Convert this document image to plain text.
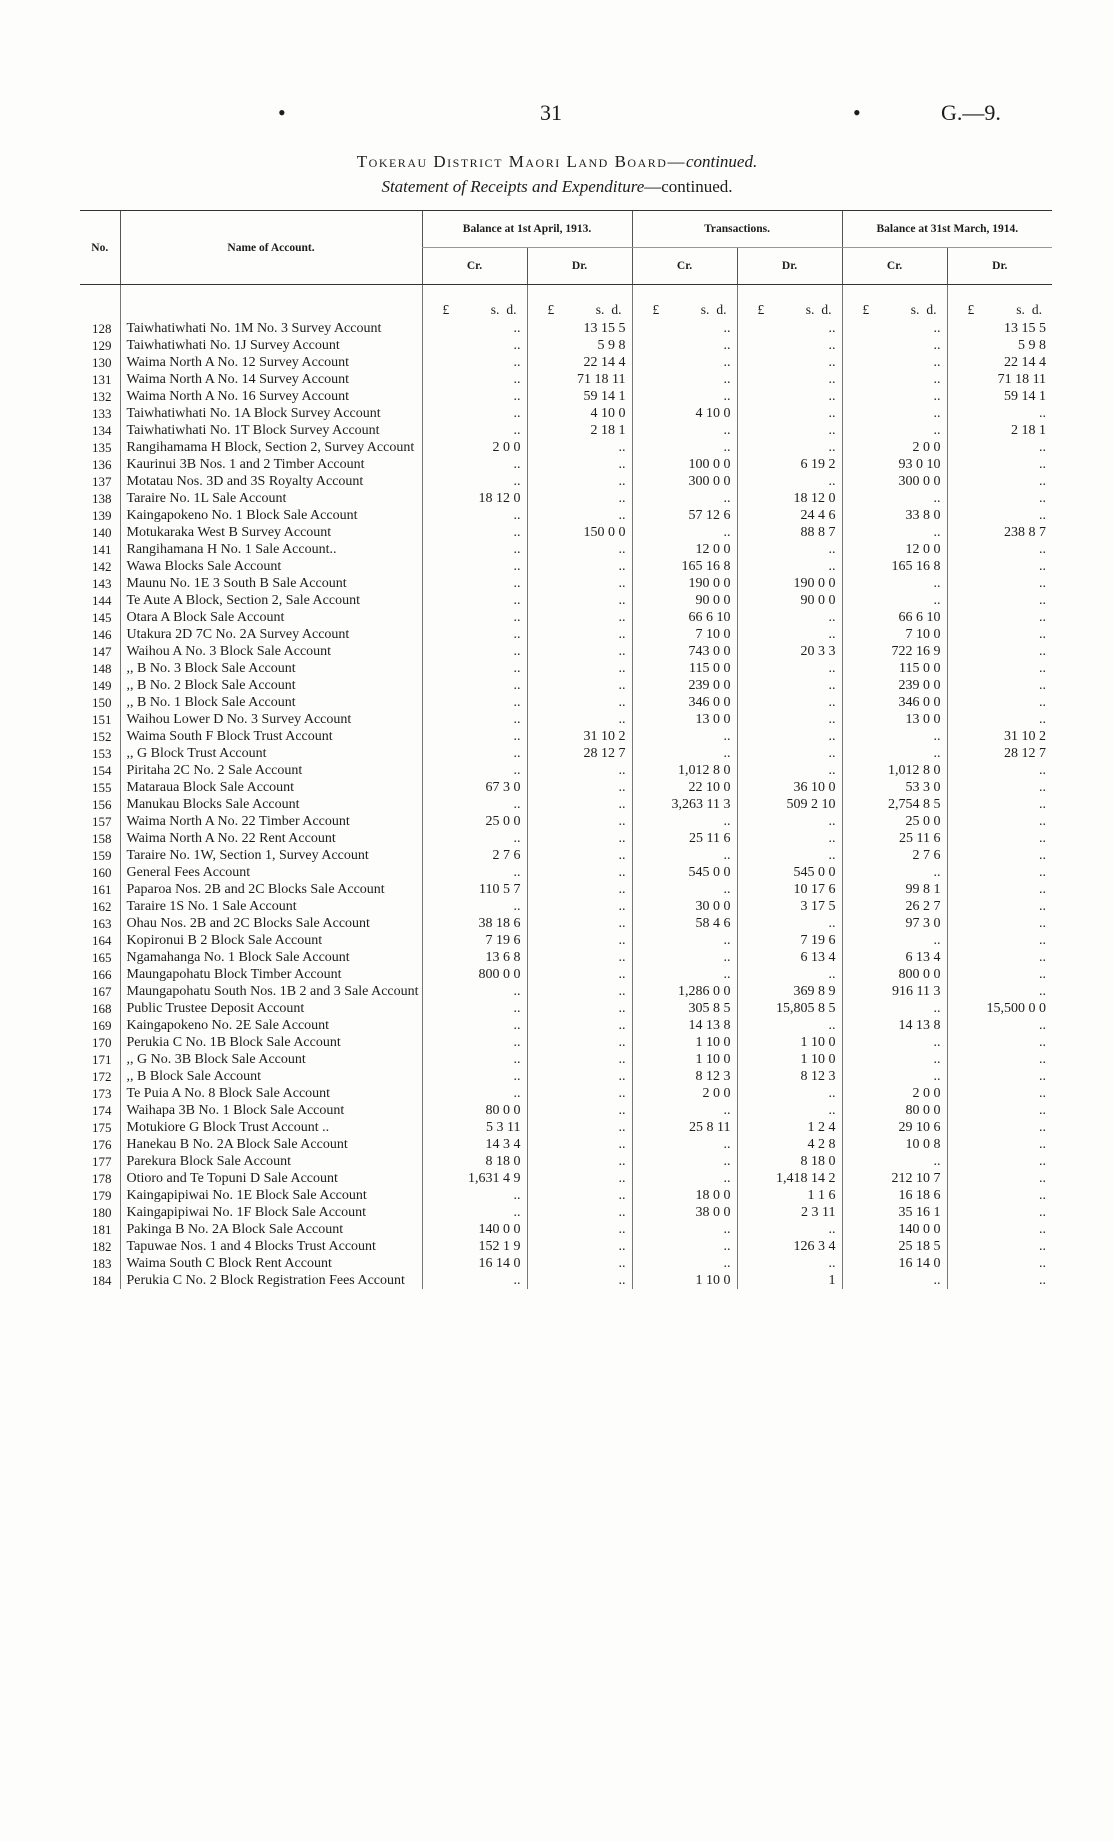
•	31	•	G.—9.
Tokerau District Maori Land Board—continued.
Statement of Receipts and Expenditure—continued.
No.	Name of Account.	Balance at 1st April, 1913.		Transactions.		Balance at 31st March, 1914.	
		Cr.	Dr.	Cr.	Dr.	Cr.	Dr.

		£ s. d.	£ s. d.	£ s. d.	£ s. d.	£ s. d.	£ s. d.

128	Taiwhatiwhati No. 1M No. 3 Survey Account	..	13 15 5	..	..	..	13 15 5
129	Taiwhatiwhati No. 1J Survey Account	..	5 9 8	..	..	..	5 9 8
130	Waima North A No. 12 Survey Account	..	22 14 4	..	..	..	22 14 4
131	Waima North A No. 14 Survey Account	..	71 18 11	..	..	..	71 18 11
132	Waima North A No. 16 Survey Account	..	59 14 1	..	..	..	59 14 1
133	Taiwhatiwhati No. 1A Block Survey Account	..	4 10 0	4 10 0	..	..	..
134	Taiwhatiwhati No. 1T Block Survey Account	..	2 18 1	..	..	..	2 18 1
135	Rangihamama H Block, Section 2, Survey Account	2 0 0	..	..	..	2 0 0	..
136	Kaurinui 3B Nos. 1 and 2 Timber Account	..	..	100 0 0	6 19 2	93 0 10	..
137	Motatau Nos. 3D and 3S Royalty Account	..	..	300 0 0	..	300 0 0	..
138	Taraire No. 1L Sale Account	18 12 0	..	..	18 12 0	..	..
139	Kaingapokeno No. 1 Block Sale Account	..	..	57 12 6	24 4 6	33 8 0	..
140	Motukaraka West B Survey Account	..	150 0 0	..	88 8 7	..	238 8 7
141	Rangihamana H No. 1 Sale Account..	..	..	12 0 0	..	12 0 0	..
142	Wawa Blocks Sale Account	..	..	165 16 8	..	165 16 8	..
143	Maunu No. 1E 3 South B Sale Account	..	..	190 0 0	190 0 0	..	..
144	Te Aute A Block, Section 2, Sale Account	..	..	90 0 0	90 0 0	..	..
145	Otara A Block Sale Account	..	..	66 6 10	..	66 6 10	..
146	Utakura 2D 7C No. 2A Survey Account	..	..	7 10 0	..	7 10 0	..
147	Waihou A No. 3 Block Sale Account	..	..	743 0 0	20 3 3	722 16 9	..
148	,, B No. 3 Block Sale Account	..	..	115 0 0	..	115 0 0	..
149	,, B No. 2 Block Sale Account	..	..	239 0 0	..	239 0 0	..
150	,, B No. 1 Block Sale Account	..	..	346 0 0	..	346 0 0	..
151	Waihou Lower D No. 3 Survey Account	..	..	13 0 0	..	13 0 0	..
152	Waima South F Block Trust Account	..	31 10 2	..	..	..	31 10 2
153	,, G Block Trust Account	..	28 12 7	..	..	..	28 12 7
154	Piritaha 2C No. 2 Sale Account	..	..	1,012 8 0	..	1,012 8 0	..
155	Mataraua Block Sale Account	67 3 0	..	22 10 0	36 10 0	53 3 0	..
156	Manukau Blocks Sale Account	..	..	3,263 11 3	509 2 10	2,754 8 5	..
157	Waima North A No. 22 Timber Account	25 0 0	..	..	..	25 0 0	..
158	Waima North A No. 22 Rent Account	..	..	25 11 6	..	25 11 6	..
159	Taraire No. 1W, Section 1, Survey Account	2 7 6	..	..	..	2 7 6	..
160	General Fees Account	..	..	545 0 0	545 0 0	..	..
161	Paparoa Nos. 2B and 2C Blocks Sale Account	110 5 7	..	..	10 17 6	99 8 1	..
162	Taraire 1S No. 1 Sale Account	..	..	30 0 0	3 17 5	26 2 7	..
163	Ohau Nos. 2B and 2C Blocks Sale Account	38 18 6	..	58 4 6	..	97 3 0	..
164	Kopironui B 2 Block Sale Account	7 19 6	..	..	7 19 6	..	..
165	Ngamahanga No. 1 Block Sale Account	13 6 8	..	..	6 13 4	6 13 4	..
166	Maungapohatu Block Timber Account	800 0 0	..	..	..	800 0 0	..
167	Maungapohatu South Nos. 1B 2 and 3 Sale Account	..	..	1,286 0 0	369 8 9	916 11 3	..
168	Public Trustee Deposit Account	..	..	305 8 5	15,805 8 5	..	15,500 0 0
169	Kaingapokeno No. 2E Sale Account	..	..	14 13 8	..	14 13 8	..
170	Perukia C No. 1B Block Sale Account	..	..	1 10 0	1 10 0	..	..
171	,, G No. 3B Block Sale Account	..	..	1 10 0	1 10 0	..	..
172	,, B Block Sale Account	..	..	8 12 3	8 12 3	..	..
173	Te Puia A No. 8 Block Sale Account	..	..	2 0 0	..	2 0 0	..
174	Waihapa 3B No. 1 Block Sale Account	80 0 0	..	..	..	80 0 0	..
175	Motukiore G Block Trust Account ..	5 3 11	..	25 8 11	1 2 4	29 10 6	..
176	Hanekau B No. 2A Block Sale Account	14 3 4	..	..	4 2 8	10 0 8	..
177	Parekura Block Sale Account	8 18 0	..	..	8 18 0	..	..
178	Otioro and Te Topuni D Sale Account	1,631 4 9	..	..	1,418 14 2	212 10 7	..
179	Kaingapipiwai No. 1E Block Sale Account	..	..	18 0 0	1 1 6	16 18 6	..
180	Kaingapipiwai No. 1F Block Sale Account	..	..	38 0 0	2 3 11	35 16 1	..
181	Pakinga B No. 2A Block Sale Account	140 0 0	..	..	..	140 0 0	..
182	Tapuwae Nos. 1 and 4 Blocks Trust Account	152 1 9	..	..	126 3 4	25 18 5	..
183	Waima South C Block Rent Account	16 14 0	..	..	..	16 14 0	..
184	Perukia C No. 2 Block Registration Fees Account	..	..	1 10 0	1	..	..
